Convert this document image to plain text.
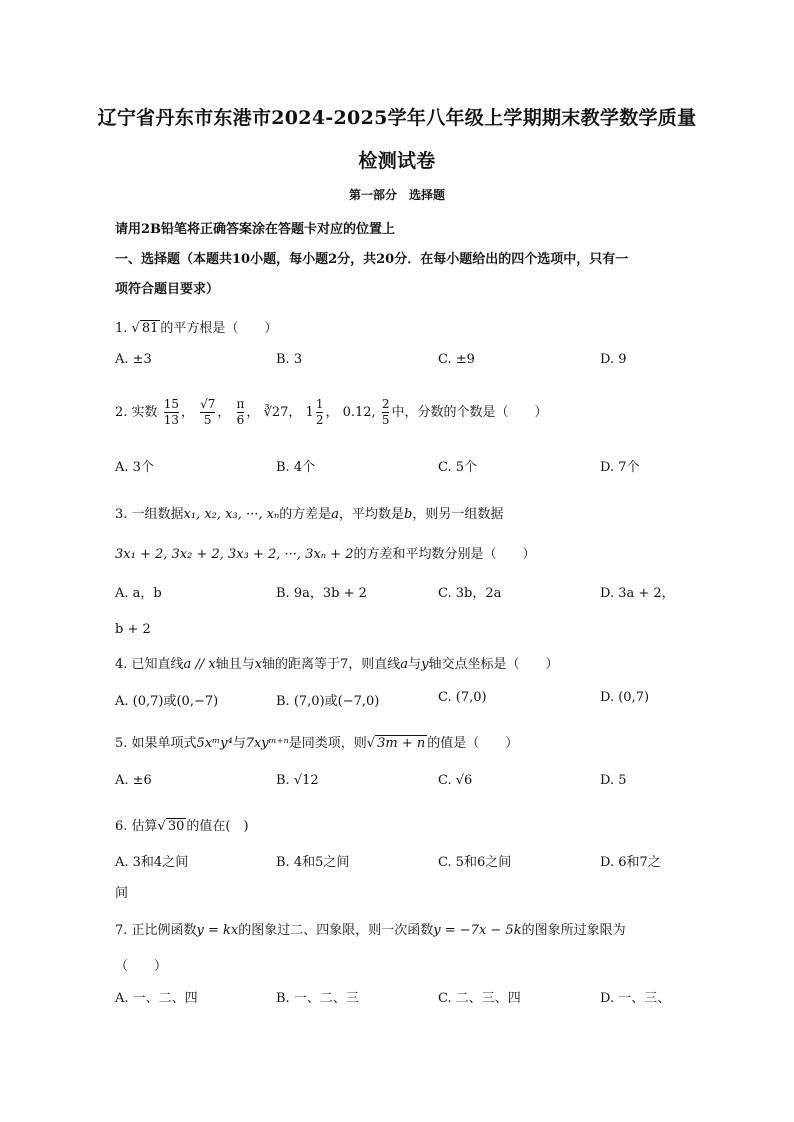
辽宁省丹东市东港市2024-2025学年八年级上学期期末教学数学质量
检测试卷
第一部分　选择题
请用2B铅笔将正确答案涂在答题卡对应的位置上
一、选择题（本题共10小题，每小题2分，共20分．在每小题给出的四个选项中，只有一
项符合题目要求）
1. √ 81 的平方根是（　　）
A. ±3	B. 3	C. ±9	D. 9
2. 实数 $\frac{15}{13}$ ， $\frac{√7}{5}$ ， $\frac{\pi}{6}$ ， ∛27， $1 \frac{1}{2}$ ， 0.12, $\frac{2}{5}$ 中，分数的个数是（　　）
A. 3个	B. 4个	C. 5个	D. 7个
3. 一组数据x₁, x₂, x₃, ···, xₙ的方差是a，平均数是b，则另一组数据
3x₁ + 2, 3x₂ + 2, 3x₃ + 2, ···, 3xₙ + 2的方差和平均数分别是（　　）
A. a，b	B. 9a，3b + 2	C. 3b，2a	D. 3a + 2，
b + 2
4. 已知直线a // x轴且与x轴的距离等于7，则直线a与y轴交点坐标是（　　）
A. (0,7)或(0,−7)	B. (7,0)或(−7,0)	C. (7,0)	D. (0,7)
5. 如果单项式5xᵐy⁴与7xyᵐ⁺ⁿ是同类项，则√ 3m + n 的值是（　　）
A. ±6	B. √12	C. √6	D. 5
6. 估算√ 30 的值在(　)
A. 3和4之间	B. 4和5之间	C. 5和6之间	D. 6和7之
间
7. 正比例函数y = kx的图象过二、四象限，则一次函数y = −7x − 5k的图象所过象限为
（　　）
A. 一、二、四	B. 一、二、三	C. 二、三、四	D. 一、三、
